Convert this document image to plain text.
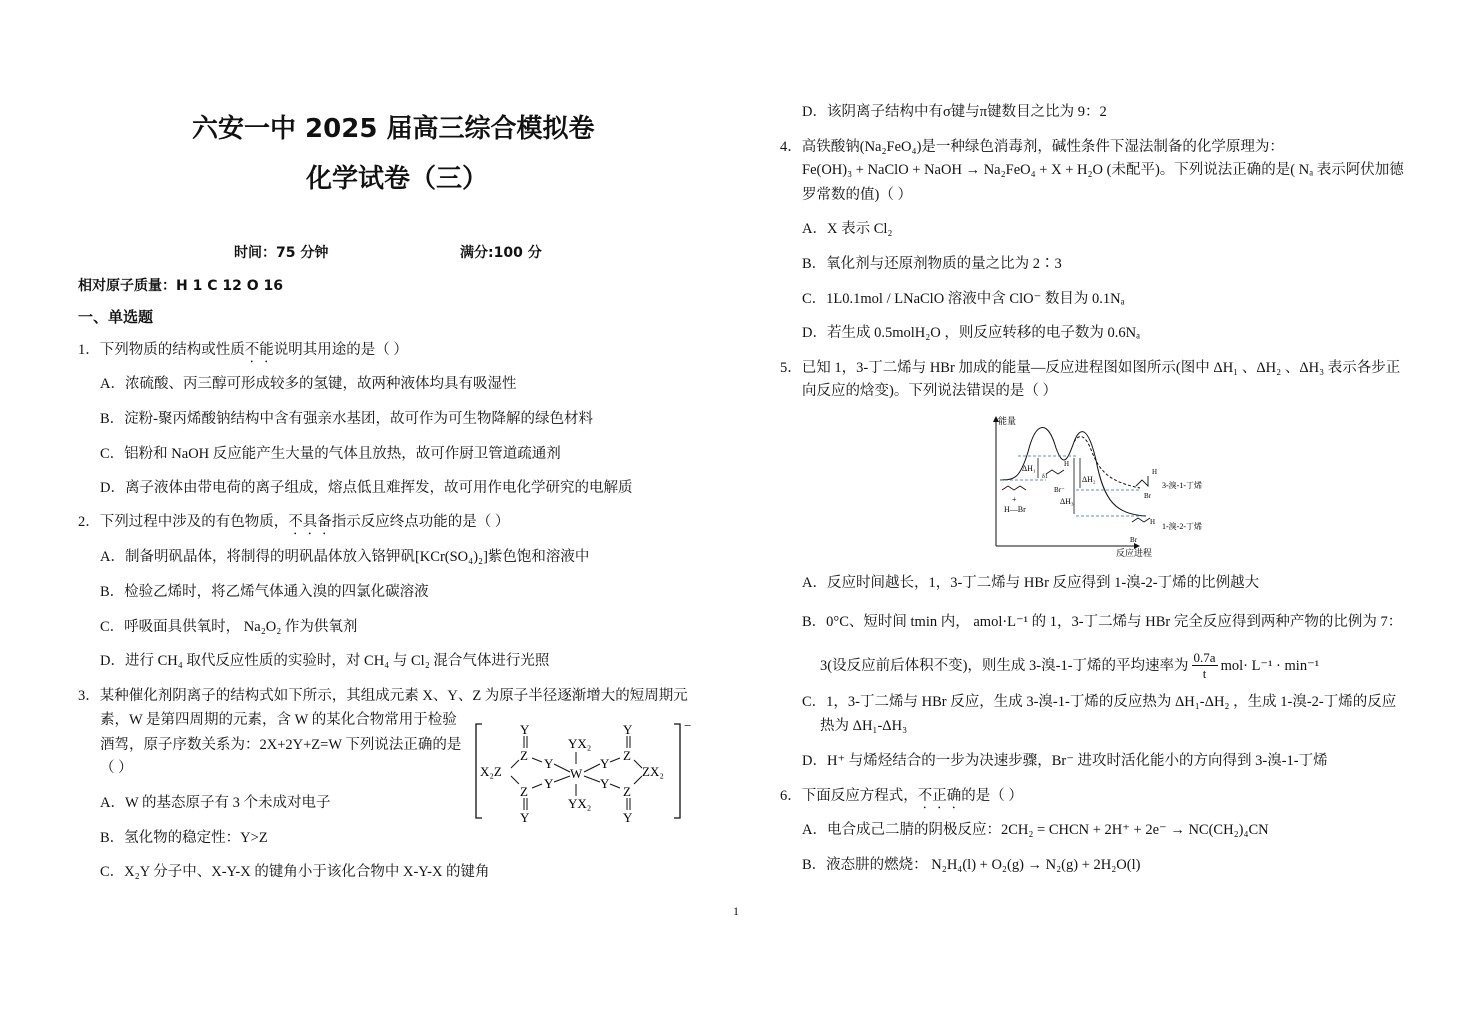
六安一中 2025 届高三综合模拟卷
化学试卷（三）
时间：75 分钟	满分:100 分
相对原子质量：H 1 C 12 O 16
一、单选题
1．下列物质的结构或性质不能说明其用途的是（ ）
A．浓硫酸、丙三醇可形成较多的氢键，故两种液体均具有吸湿性
B．淀粉-聚丙烯酸钠结构中含有强亲水基团，故可作为可生物降解的绿色材料
C．铝粉和 NaOH 反应能产生大量的气体且放热，故可作厨卫管道疏通剂
D．离子液体由带电荷的离子组成，熔点低且难挥发，故可用作电化学研究的电解质
2．下列过程中涉及的有色物质，不具备指示反应终点功能的是（ ）
A．制备明矾晶体，将制得的明矾晶体放入铬钾矾[KCr(SO₄)₂]紫色饱和溶液中
B．检验乙烯时，将乙烯气体通入溴的四氯化碳溶液
C．呼吸面具供氧时， Na₂O₂ 作为供氧剂
D．进行 CH₄ 取代反应性质的实验时，对 CH₄ 与 Cl₂ 混合气体进行光照
3．某种催化剂阴离子的结构式如下所示，其组成元素 X、Y、Z 为原子半径逐渐增大的短周期元
素，W 是第四周期的元素，含 W 的某化合物常用于检验
酒驾，原子序数关系为：2X+2Y+Z=W 下列说法正确的是
（ ）
A．W 的基态原子有 3 个未成对电子
B．氢化物的稳定性：Y>Z
C．X₂Y 分子中、X-Y-X 的键角小于该化合物中 X-Y-X 的键角
−
Y
Z
Y
X₂Z
Z
Y
Y
YX₂
W
YX₂
Y
Y
Y
Z
ZX₂
Z
Y
D．该阴离子结构中有σ键与π键数目之比为 9：2
4．高铁酸钠(Na₂FeO₄)是一种绿色消毒剂，碱性条件下湿法制备的化学原理为：
Fe(OH)₃ + NaClO + NaOH → Na₂FeO₄ + X + H₂O (未配平)。下列说法正确的是( Nₐ 表示阿伏加德
罗常数的值)（ ）
A．X 表示 Cl₂
B．氧化剂与还原剂物质的量之比为 2∶3
C．1L0.1mol / LNaClO 溶液中含 ClO⁻ 数目为 0.1Nₐ
D．若生成 0.5molH₂O ，则反应转移的电子数为 0.6Nₐ
5．已知 1，3-丁二烯与 HBr 加成的能量—反应进程图如图所示(图中 ΔH₁ 、ΔH₂ 、ΔH₃ 表示各步正
向反应的焓变)。下列说法错误的是（ ）
能量
反应进程
ΔH₁
ΔH₂
ΔH₃
+
H—Br
H
δ1
Br⁻
H
Br
3-溴-1-丁烯
H
Br
1-溴-2-丁烯
A．反应时间越长，1，3-丁二烯与 HBr 反应得到 1-溴-2-丁烯的比例越大
B．0°C、短时间 tmin 内， amol·L⁻¹ 的 1，3-丁二烯与 HBr 完全反应得到两种产物的比例为 7：
3(设反应前后体积不变)，则生成 3-溴-1-丁烯的平均速率为 $\frac{0.7a}{t} mol\cdot L^{-1} \cdot \min^{-1}$
C．1，3-丁二烯与 HBr 反应，生成 3-溴-1-丁烯的反应热为 ΔH₁-ΔH₂ ，生成 1-溴-2-丁烯的反应
热为 ΔH₁-ΔH₃
D．H⁺ 与烯烃结合的一步为决速步骤，Br⁻ 进攻时活化能小的方向得到 3-溴-1-丁烯
6．下面反应方程式，不正确的是（ ）
A．电合成己二腈的阴极反应：2CH₂ = CHCN + 2H⁺ + 2e⁻ → NC(CH₂)₄CN
B．液态肼的燃烧： N₂H₄(l) + O₂(g) → N₂(g) + 2H₂O(l)
1
